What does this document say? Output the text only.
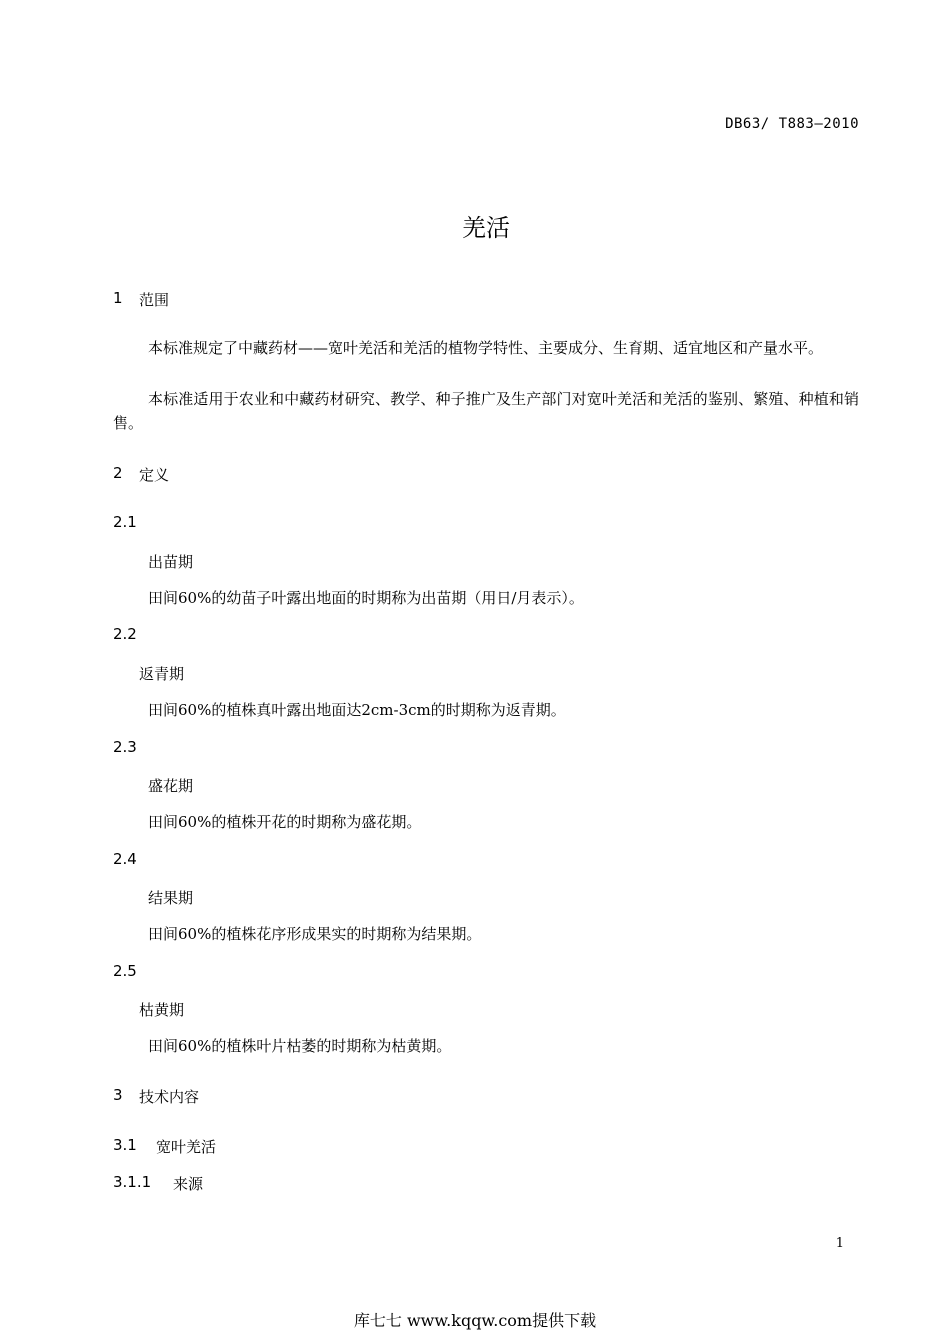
DB63/ T883—2010
羌活
1 范围
本标准规定了中藏药材——宽叶羌活和羌活的植物学特性、主要成分、生育期、适宜地区和产量水平。
本标准适用于农业和中藏药材研究、教学、种子推广及生产部门对宽叶羌活和羌活的鉴别、繁殖、种植和销售。
2 定义
2.1
出苗期
田间60%的幼苗子叶露出地面的时期称为出苗期（用日/月表示）。
2.2
返青期
田间60%的植株真叶露出地面达2cm-3cm的时期称为返青期。
2.3
盛花期
田间60%的植株开花的时期称为盛花期。
2.4
结果期
田间60%的植株花序形成果实的时期称为结果期。
2.5
枯黄期
田间60%的植株叶片枯萎的时期称为枯黄期。
3 技术内容
3.1 宽叶羌活
3.1.1 来源
1
库七七 www.kqqw.com提供下载
